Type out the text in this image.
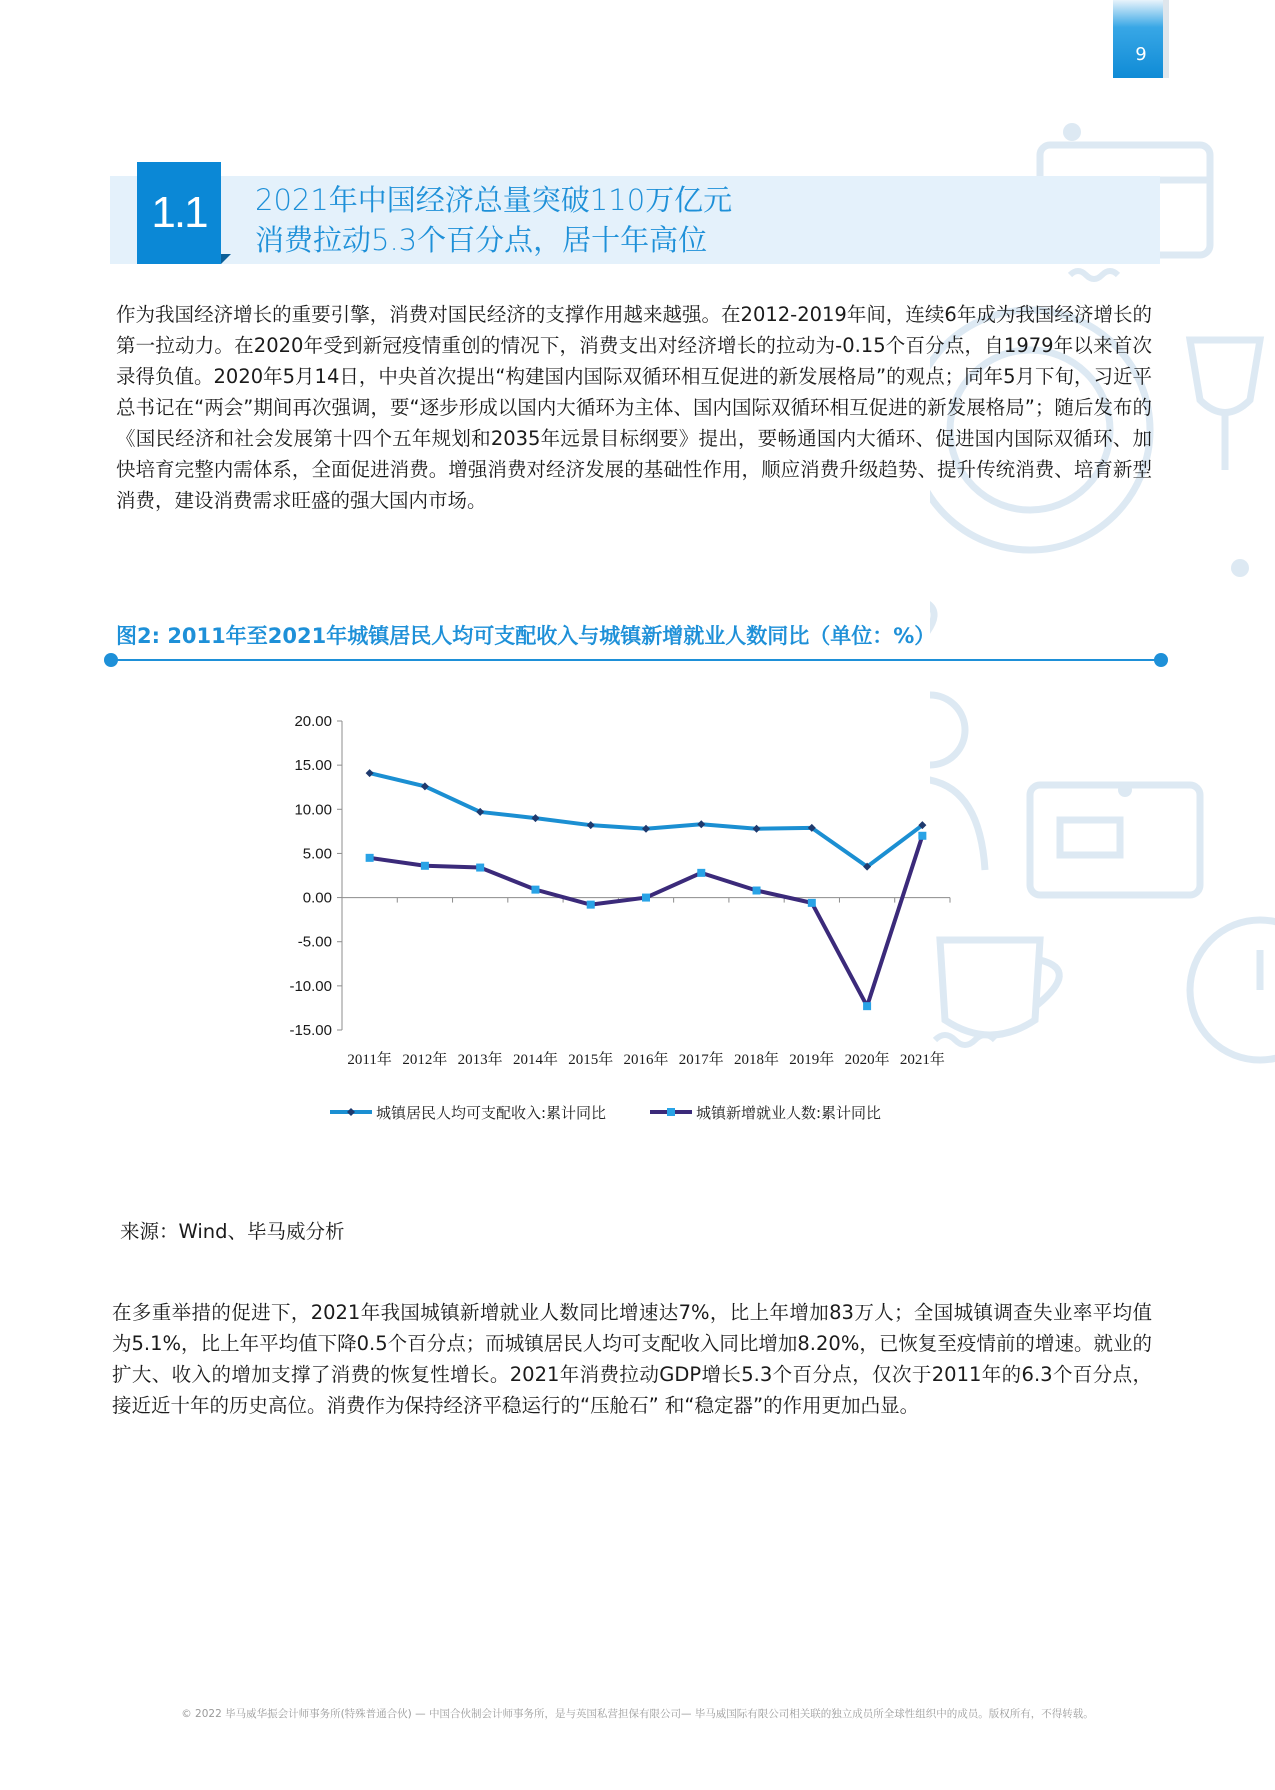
9
1.1	2021年中国经济总量突破110万亿元
消费拉动5.3个百分点，居十年高位
作为我国经济增长的重要引擎，消费对国民经济的支撑作用越来越强。在2012-2019年间，连续6年成为我国经济增长的第一拉动力。在2020年受到新冠疫情重创的情况下，消费支出对经济增长的拉动为-0.15个百分点，自1979年以来首次录得负值。2020年5月14日，中央首次提出“构建国内国际双循环相互促进的新发展格局”的观点；同年5月下旬，习近平总书记在“两会”期间再次强调，要“逐步形成以国内大循环为主体、国内国际双循环相互促进的新发展格局”；随后发布的《国民经济和社会发展第十四个五年规划和2035年远景目标纲要》提出，要畅通国内大循环、促进国内国际双循环、加快培育完整内需体系，全面促进消费。增强消费对经济发展的基础性作用，顺应消费升级趋势、提升传统消费、培育新型消费，建设消费需求旺盛的强大国内市场。
图2: 2011年至2021年城镇居民人均可支配收入与城镇新增就业人数同比（单位：%）
20.00
15.00
10.00
5.00
0.00
-5.00
-10.00
-15.00
2011年 2012年 2013年 2014年 2015年 2016年 2017年 2018年 2019年 2020年 2021年
城镇居民人均可支配收入:累计同比	城镇新增就业人数:累计同比
来源：Wind、毕马威分析
在多重举措的促进下，2021年我国城镇新增就业人数同比增速达7%，比上年增加83万人；全国城镇调查失业率平均值为5.1%，比上年平均值下降0.5个百分点；而城镇居民人均可支配收入同比增加8.20%，已恢复至疫情前的增速。就业的扩大、收入的增加支撑了消费的恢复性增长。2021年消费拉动GDP增长5.3个百分点，仅次于2011年的6.3个百分点，接近近十年的历史高位。消费作为保持经济平稳运行的“压舱石” 和“稳定器”的作用更加凸显。
© 2022 毕马威华振会计师事务所(特殊普通合伙) — 中国合伙制会计师事务所，是与英国私营担保有限公司— 毕马威国际有限公司相关联的独立成员所全球性组织中的成员。版权所有，不得转载。
